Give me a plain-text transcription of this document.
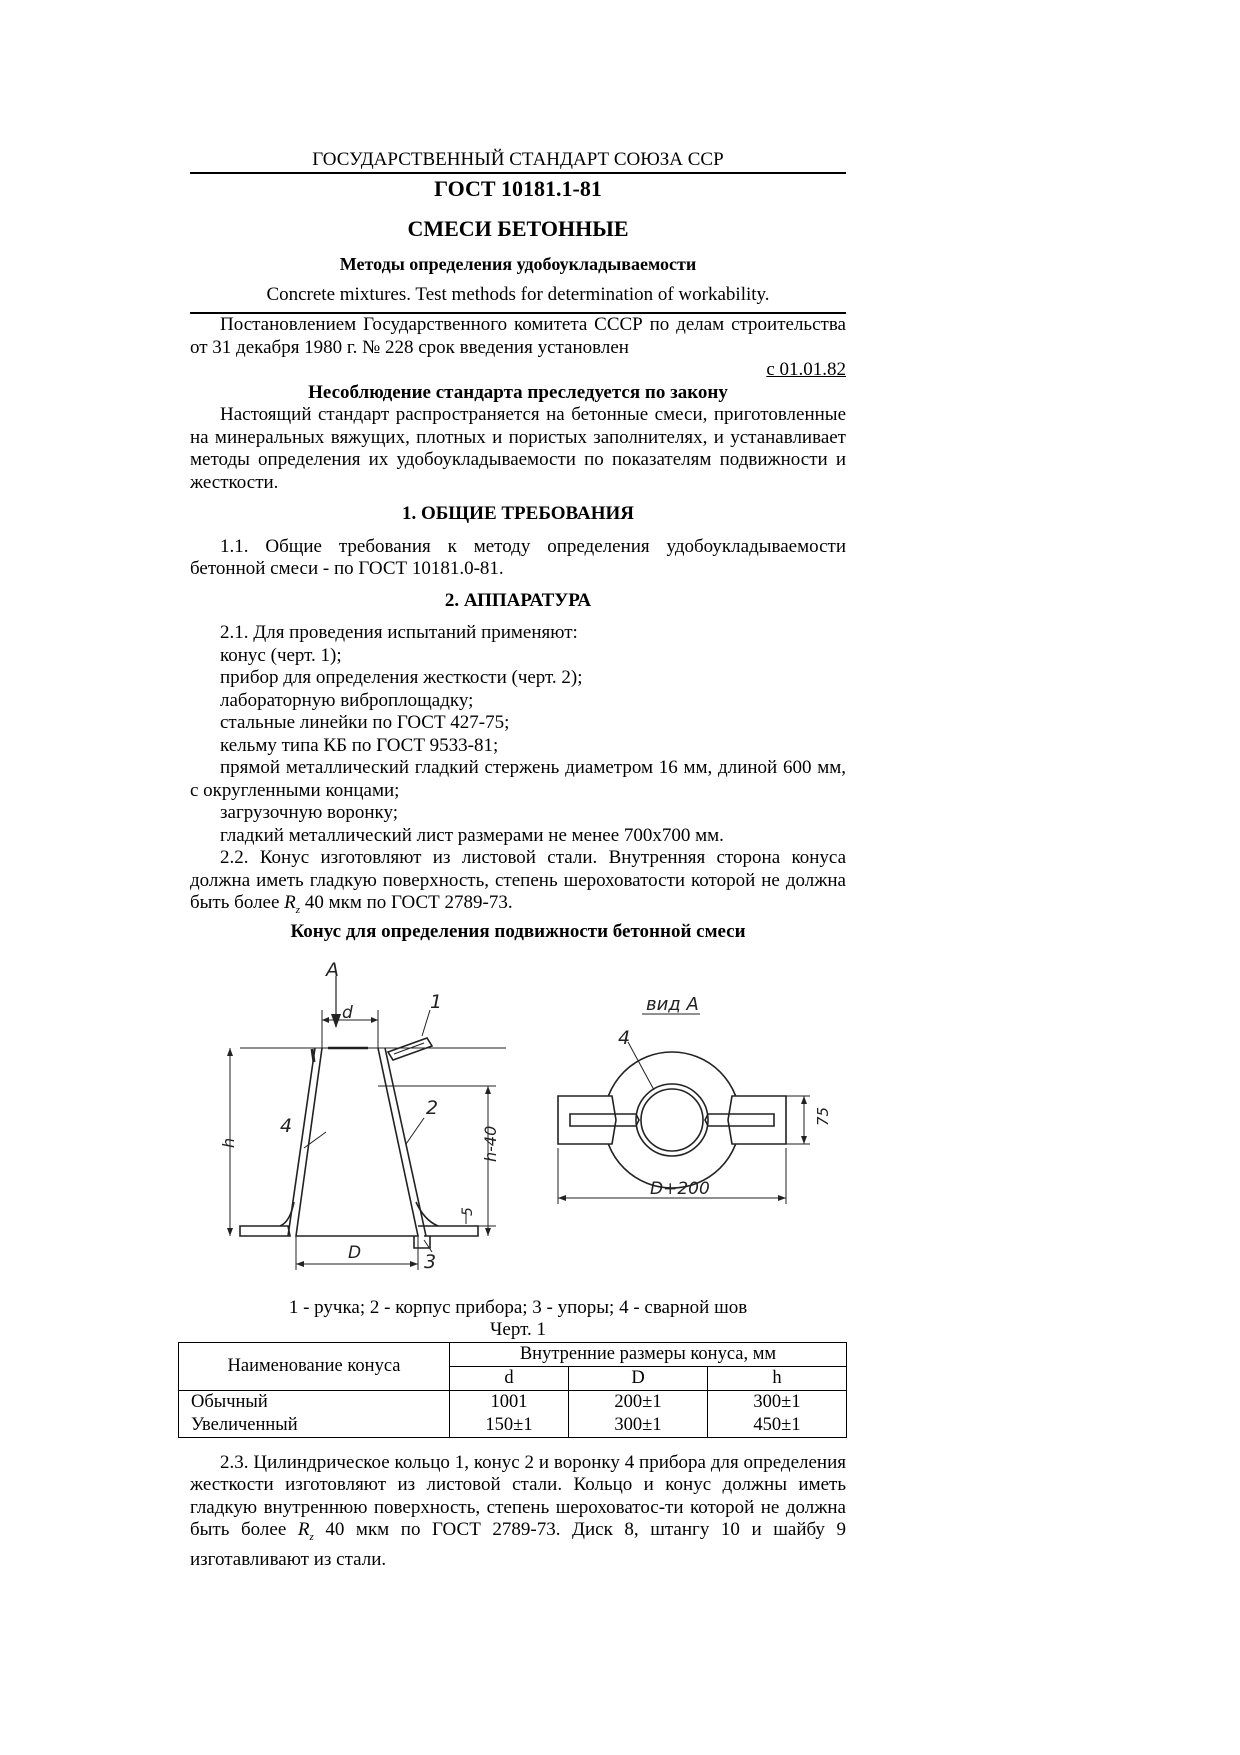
ГОСУДАРСТВЕННЫЙ СТАНДАРТ СОЮЗА ССР
ГОСТ 10181.1-81
СМЕСИ БЕТОННЫЕ
Методы определения удобоукладываемости
Concrete mixtures. Test methods for determination of workability.
Постановлением Государственного комитета СССР по делам строительства от 31 декабря 1980 г. № 228 срок введения установлен
с 01.01.82
Несоблюдение стандарта преследуется по закону
Настоящий стандарт распространяется на бетонные смеси, приготовленные на минеральных вяжущих, плотных и пористых заполнителях, и устанавливает методы определения их удобоукладываемости по показателям подвижности и жесткости.
1. ОБЩИЕ ТРЕБОВАНИЯ
1.1. Общие требования к методу определения удобоукладываемости бетонной смеси - по ГОСТ 10181.0-81.
2. АППАРАТУРА
2.1. Для проведения испытаний применяют:
конус (черт. 1);
прибор для определения жесткости (черт. 2);
лабораторную виброплощадку;
стальные линейки по ГОСТ 427-75;
кельму типа КБ по ГОСТ 9533-81;
прямой металлический гладкий стержень диаметром 16 мм, длиной 600 мм, с округленными концами;
загрузочную воронку;
гладкий металлический лист размерами не менее 700х700 мм.
2.2. Конус изготовляют из листовой стали. Внутренняя сторона конуса должна иметь гладкую поверхность, степень шероховатости которой не должна быть более $R_z$ 40 мкм по ГОСТ 2789-73.
Конус для определения подвижности бетонной смеси
A
d	1
4
2
3
h	h-40
5
D
вид A
4
75
D+200
1 - ручка; 2 - корпус прибора; 3 - упоры; 4 - сварной шов
Черт. 1
Наименование конуса	Внутренние размеры конуса, мм		
	d	D	h
Обычный	1001	200±1	300±1
Увеличенный	150±1	300±1	450±1
2.3. Цилиндрическое кольцо 1, конус 2 и воронку 4 прибора для определения жесткости изготовляют из листовой стали. Кольцо и конус должны иметь гладкую внутреннюю поверхность, степень шероховатос-ти которой не должна быть более $R_z$ 40 мкм по ГОСТ 2789-73. Диск 8, штангу 10 и шайбу 9 изготавливают из стали.
